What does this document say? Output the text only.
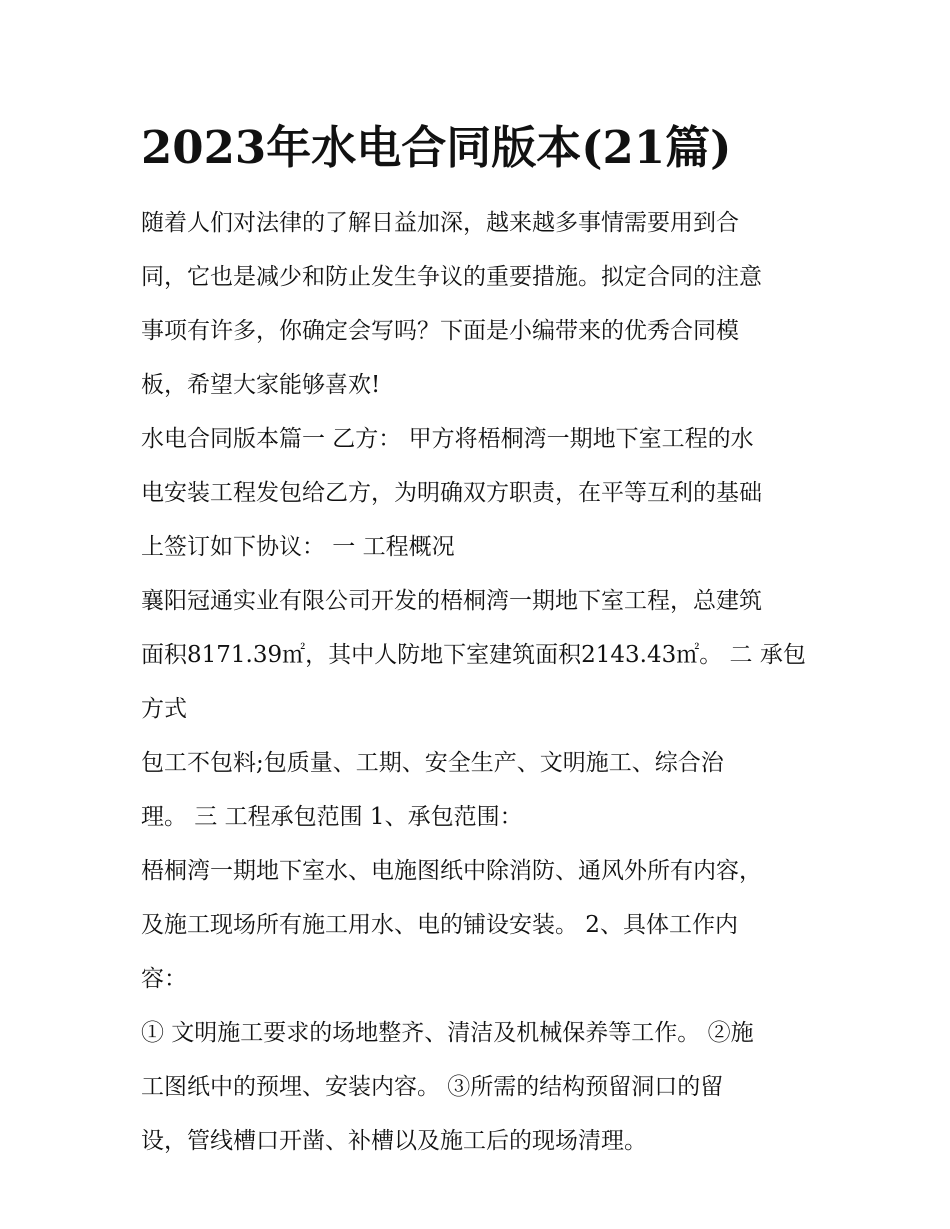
2023年水电合同版本(21篇)
随着人们对法律的了解日益加深，越来越多事情需要用到合
同，它也是减少和防止发生争议的重要措施。拟定合同的注意
事项有许多，你确定会写吗？下面是小编带来的优秀合同模
板，希望大家能够喜欢!
水电合同版本篇一 乙方： 甲方将梧桐湾一期地下室工程的水
电安装工程发包给乙方，为明确双方职责，在平等互利的基础
上签订如下协议： 一 工程概况
襄阳冠通实业有限公司开发的梧桐湾一期地下室工程，总建筑
面积8171.39㎡，其中人防地下室建筑面积2143.43㎡。 二 承包
方式
包工不包料;包质量、工期、安全生产、文明施工、综合治
理。 三 工程承包范围 1、承包范围：
梧桐湾一期地下室水、电施图纸中除消防、通风外所有内容，
及施工现场所有施工用水、电的铺设安装。 2、具体工作内
容：
① 文明施工要求的场地整齐、清洁及机械保养等工作。 ②施
工图纸中的预埋、安装内容。 ③所需的结构预留洞口的留
设，管线槽口开凿、补槽以及施工后的现场清理。
